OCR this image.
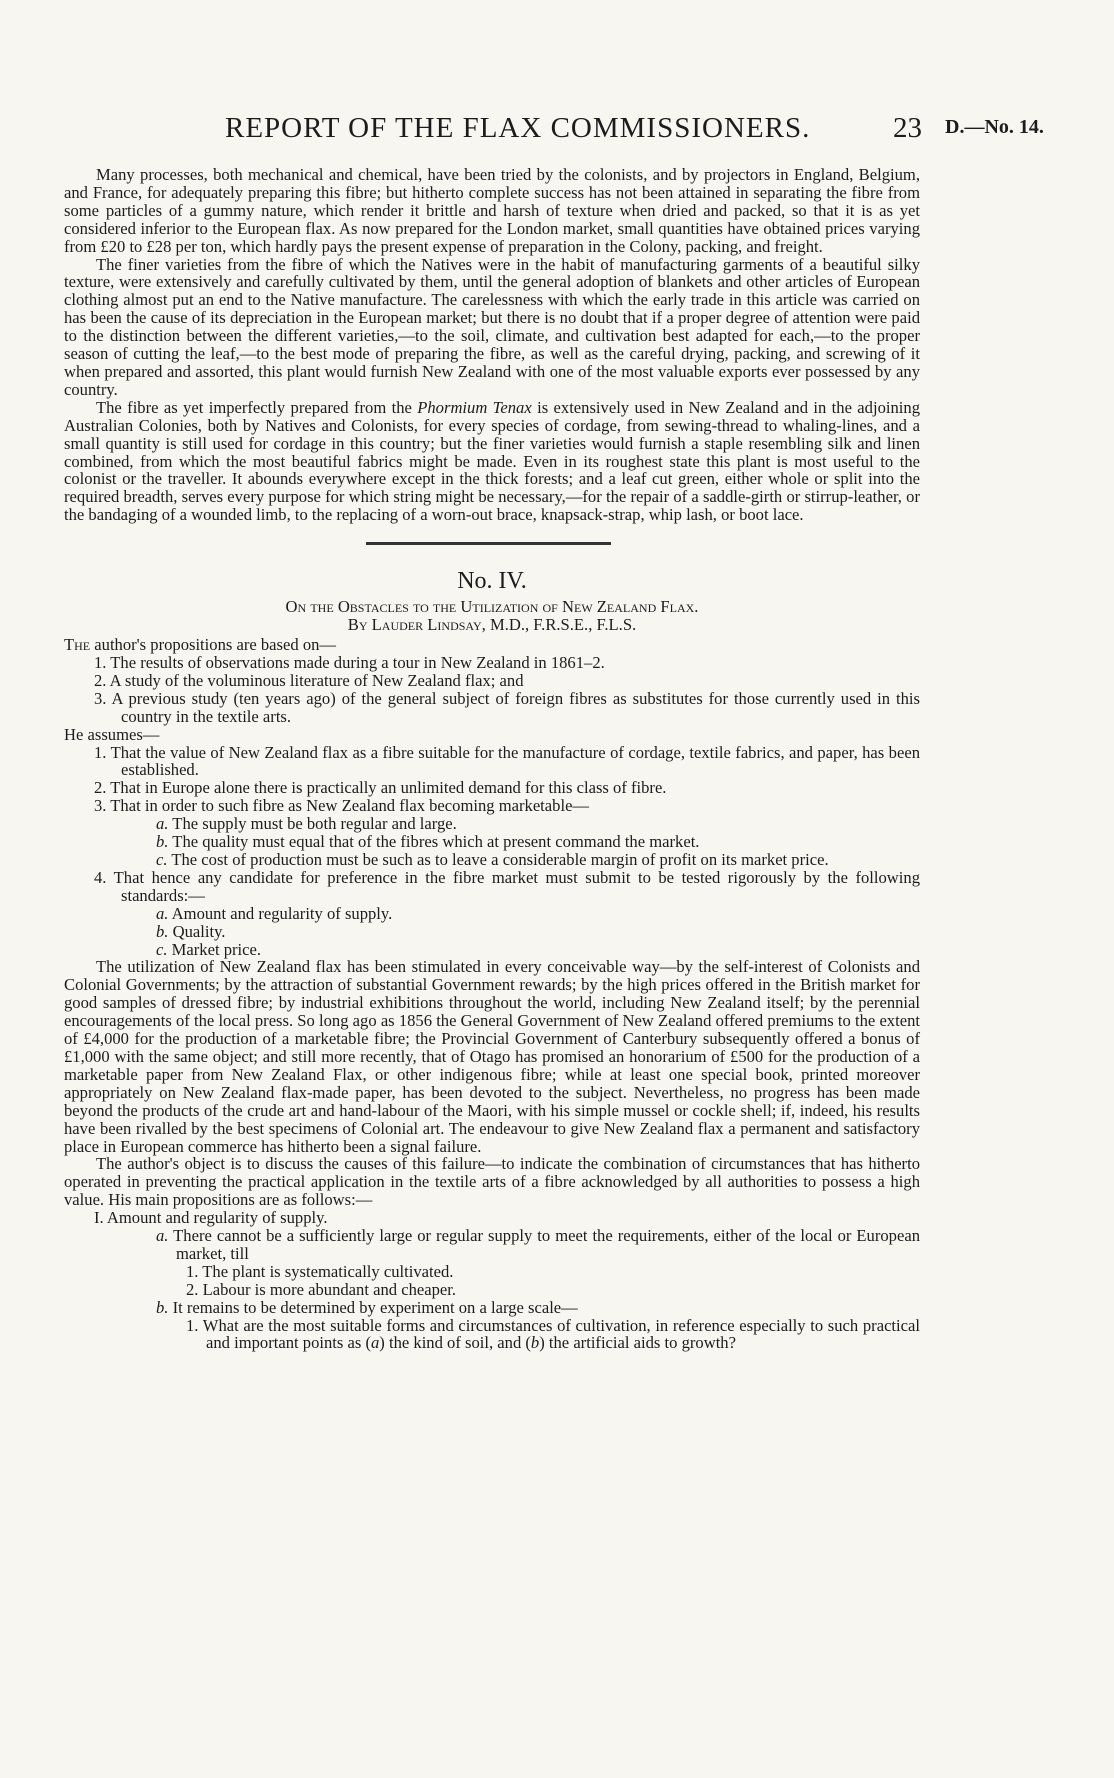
REPORT OF THE FLAX COMMISSIONERS.	23 D.—No. 14.

Many processes, both mechanical and chemical, have been tried by the colonists, and by projectors in England, Belgium, and France, for adequately preparing this fibre; but hitherto complete success has not been attained in separating the fibre from some particles of a gummy nature, which render it brittle and harsh of texture when dried and packed, so that it is as yet considered inferior to the European flax. As now prepared for the London market, small quantities have obtained prices varying from £20 to £28 per ton, which hardly pays the present expense of preparation in the Colony, packing, and freight.

The finer varieties from the fibre of which the Natives were in the habit of manufacturing garments of a beautiful silky texture, were extensively and carefully cultivated by them, until the general adoption of blankets and other articles of European clothing almost put an end to the Native manufacture. The carelessness with which the early trade in this article was carried on has been the cause of its depreciation in the European market; but there is no doubt that if a proper degree of attention were paid to the distinction between the different varieties,—to the soil, climate, and cultivation best adapted for each,—to the proper season of cutting the leaf,—to the best mode of preparing the fibre, as well as the careful drying, packing, and screwing of it when prepared and assorted, this plant would furnish New Zealand with one of the most valuable exports ever possessed by any country.

The fibre as yet imperfectly prepared from the Phormium Tenax is extensively used in New Zealand and in the adjoining Australian Colonies, both by Natives and Colonists, for every species of cordage, from sewing-thread to whaling-lines, and a small quantity is still used for cordage in this country; but the finer varieties would furnish a staple resembling silk and linen combined, from which the most beautiful fabrics might be made. Even in its roughest state this plant is most useful to the colonist or the traveller. It abounds everywhere except in the thick forests; and a leaf cut green, either whole or split into the required breadth, serves every purpose for which string might be necessary,—for the repair of a saddle-girth or stirrup-leather, or the bandaging of a wounded limb, to the replacing of a worn-out brace, knapsack-strap, whip lash, or boot lace.

No. IV.
On the Obstacles to the Utilization of New Zealand Flax.
By Lauder Lindsay, M.D., F.R.S.E., F.L.S.

The author's propositions are based on—

1. The results of observations made during a tour in New Zealand in 1861–2.

2. A study of the voluminous literature of New Zealand flax; and

3. A previous study (ten years ago) of the general subject of foreign fibres as substitutes for those currently used in this country in the textile arts.

He assumes—

1. That the value of New Zealand flax as a fibre suitable for the manufacture of cordage, textile fabrics, and paper, has been established.

2. That in Europe alone there is practically an unlimited demand for this class of fibre.

3. That in order to such fibre as New Zealand flax becoming marketable—

a. The supply must be both regular and large.

b. The quality must equal that of the fibres which at present command the market.

c. The cost of production must be such as to leave a considerable margin of profit on its market price.

4. That hence any candidate for preference in the fibre market must submit to be tested rigorously by the following standards:—

a. Amount and regularity of supply.

b. Quality.

c. Market price.

The utilization of New Zealand flax has been stimulated in every conceivable way—by the self-interest of Colonists and Colonial Governments; by the attraction of substantial Government rewards; by the high prices offered in the British market for good samples of dressed fibre; by industrial exhibitions throughout the world, including New Zealand itself; by the perennial encouragements of the local press. So long ago as 1856 the General Government of New Zealand offered premiums to the extent of £4,000 for the production of a marketable fibre; the Provincial Government of Canterbury subsequently offered a bonus of £1,000 with the same object; and still more recently, that of Otago has promised an honorarium of £500 for the production of a marketable paper from New Zealand Flax, or other indigenous fibre; while at least one special book, printed moreover appropriately on New Zealand flax-made paper, has been devoted to the subject. Nevertheless, no progress has been made beyond the products of the crude art and hand-labour of the Maori, with his simple mussel or cockle shell; if, indeed, his results have been rivalled by the best specimens of Colonial art. The endeavour to give New Zealand flax a permanent and satisfactory place in European commerce has hitherto been a signal failure.

The author's object is to discuss the causes of this failure—to indicate the combination of circumstances that has hitherto operated in preventing the practical application in the textile arts of a fibre acknowledged by all authorities to possess a high value. His main propositions are as follows:—

I. Amount and regularity of supply.

a. There cannot be a sufficiently large or regular supply to meet the requirements, either of the local or European market, till

1. The plant is systematically cultivated.

2. Labour is more abundant and cheaper.

b. It remains to be determined by experiment on a large scale—

1. What are the most suitable forms and circumstances of cultivation, in reference especially to such practical and important points as (a) the kind of soil, and (b) the artificial aids to growth?
